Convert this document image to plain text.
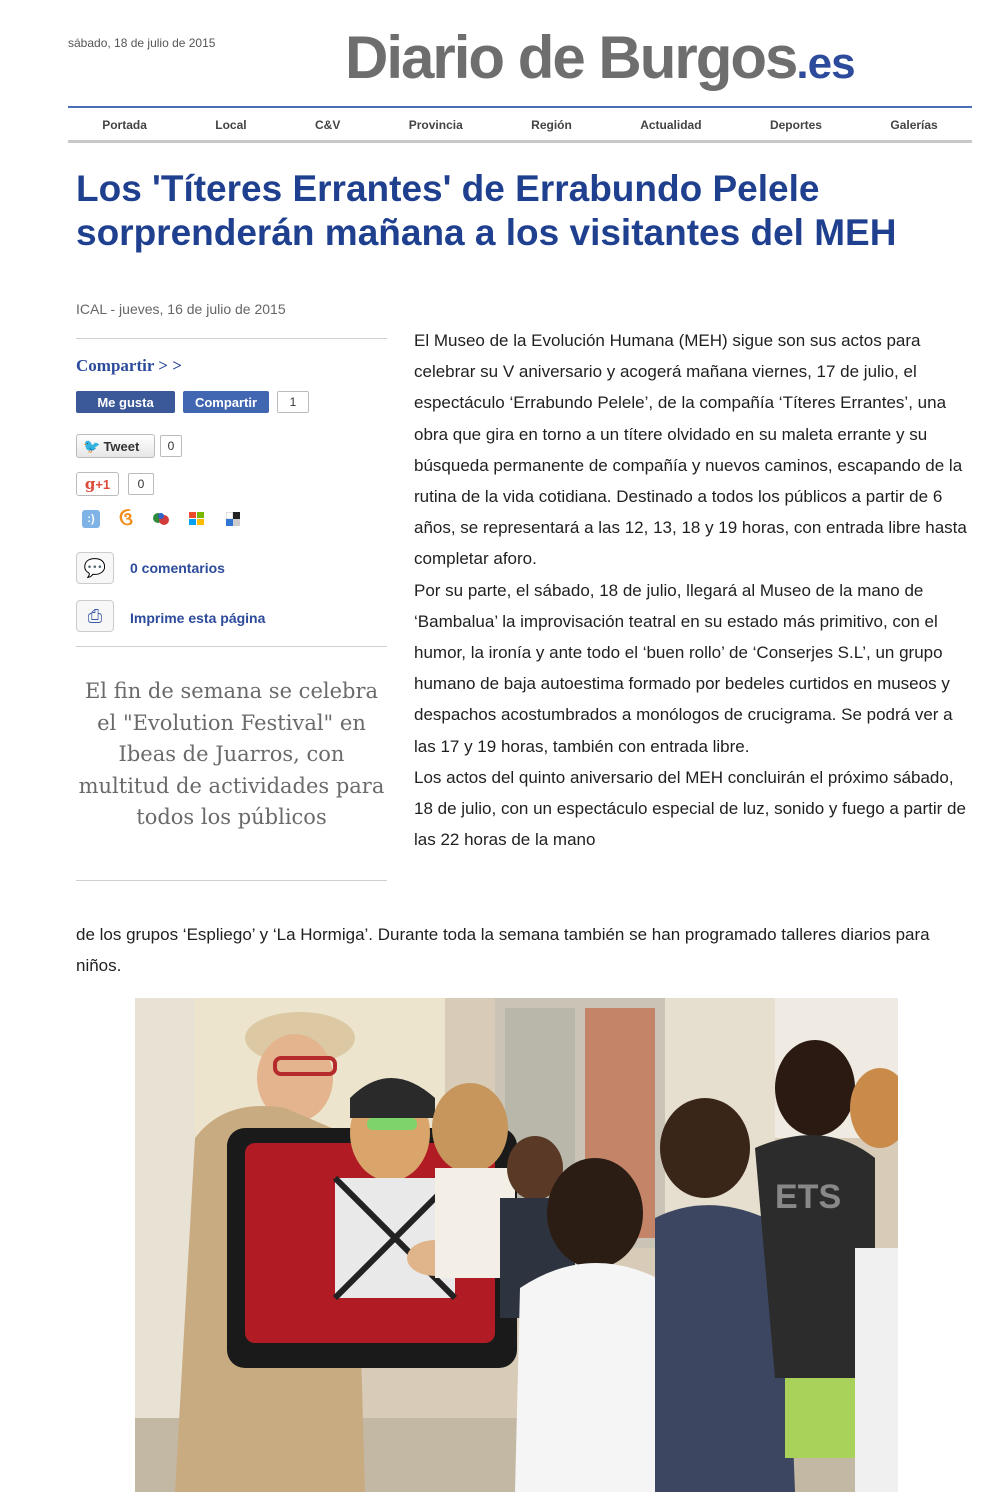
sábado, 18 de julio de 2015 Diario de Burgos.es
Portada	Local	C&V	Provincia	Región	Actualidad	Deportes	Galerías
Los 'Títeres Errantes' de Errabundo Pelele sorprenderán mañana a los visitantes del MEH
ICAL - jueves, 16 de julio de 2015
Compartir > >
Me gusta	Compartir	1
🐦 Tweet	0
g +1	0
:) ઉ
💬	0 comentarios
⎙	Imprime esta página

El fin de semana se celebra el "Evolution Festival" en Ibeas de Juarros, con multitud de actividades para todos los públicos

El Museo de la Evolución Humana (MEH) sigue son sus actos para celebrar su V aniversario y acogerá mañana viernes, 17 de julio, el espectáculo ‘Errabundo Pelele’, de la compañía ‘Títeres Errantes’, una obra que gira en torno a un títere olvidado en su maleta errante y su búsqueda permanente de compañía y nuevos caminos, escapando de la rutina de la vida cotidiana. Destinado a todos los públicos a partir de 6 años, se representará a las 12, 13, 18 y 19 horas, con entrada libre hasta completar aforo.

Por su parte, el sábado, 18 de julio, llegará al Museo de la mano de ‘Bambalua’ la improvisación teatral en su estado más primitivo, con el humor, la ironía y ante todo el ‘buen rollo’ de ‘Conserjes S.L’, un grupo humano de baja autoestima formado por bedeles curtidos en museos y despachos acostumbrados a monólogos de crucigrama. Se podrá ver a las 17 y 19 horas, también con entrada libre.

Los actos del quinto aniversario del MEH concluirán el próximo sábado, 18 de julio, con un espectáculo especial de luz, sonido y fuego a partir de las 22 horas de la mano

de los grupos ‘Espliego’ y ‘La Hormiga’. Durante toda la semana también se han programado talleres diarios para niños.

ETS
